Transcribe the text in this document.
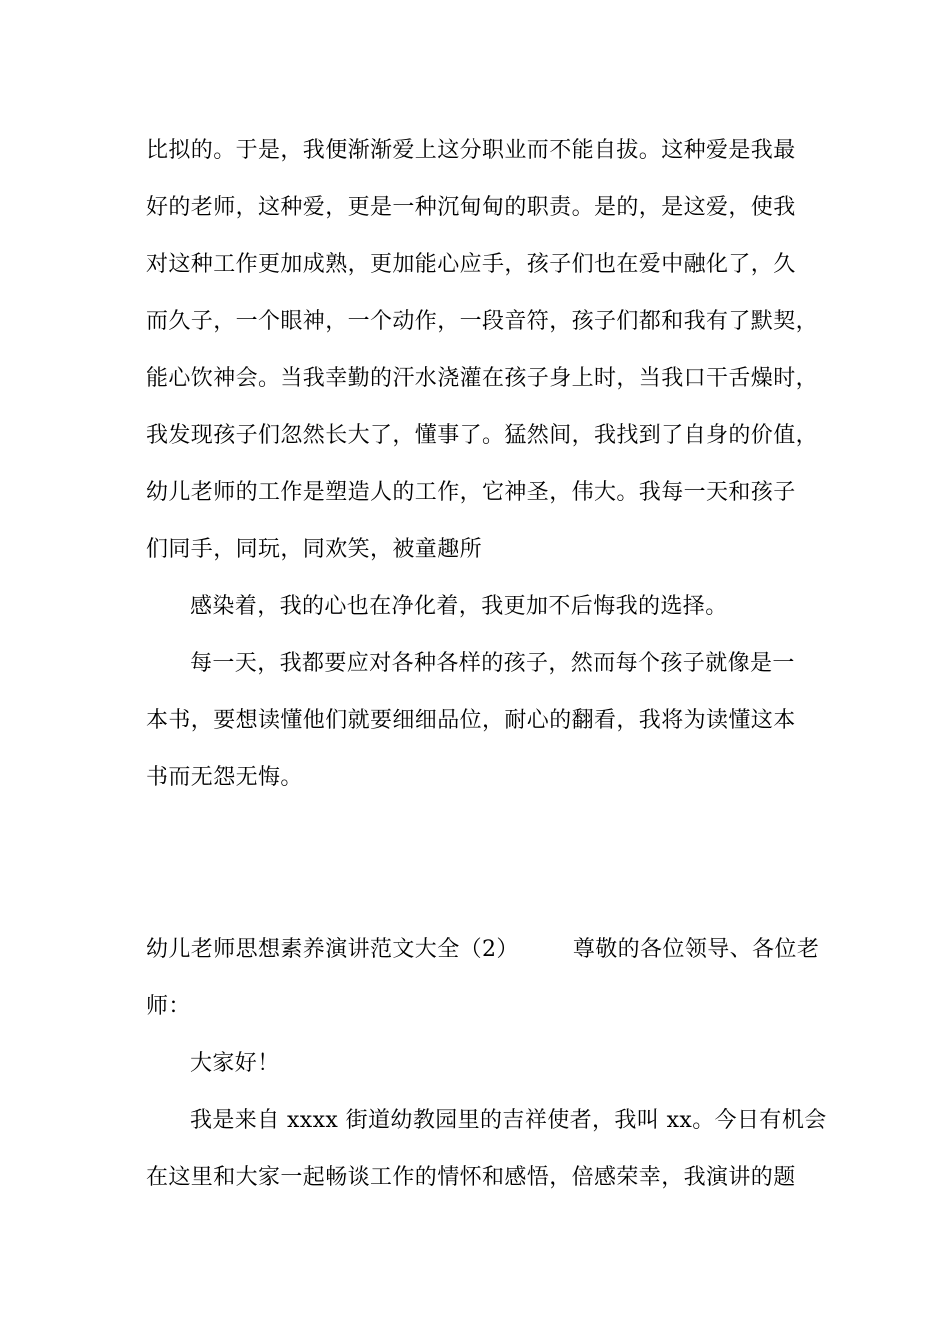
比拟的。于是，我便渐渐爱上这分职业而不能自拔。这种爱是我最
好的老师，这种爱，更是一种沉甸甸的职责。是的，是这爱，使我
对这种工作更加成熟，更加能心应手，孩子们也在爱中融化了，久
而久子，一个眼神，一个动作，一段音符，孩子们都和我有了默契，
能心饮神会。当我幸勤的汗水浇灌在孩子身上时，当我口干舌燥时，
我发现孩子们忽然长大了，懂事了。猛然间，我找到了自身的价值，
幼儿老师的工作是塑造人的工作，它神圣，伟大。我每一天和孩子
们同手，同玩，同欢笑，被童趣所
感染着，我的心也在净化着，我更加不后悔我的选择。
每一天，我都要应对各种各样的孩子，然而每个孩子就像是一
本书，要想读懂他们就要细细品位，耐心的翻看，我将为读懂这本
书而无怨无悔。
幼儿老师思想素养演讲范文大全（2） 尊敬的各位领导、各位老
师：
大家好！
我是来自 xxxx 街道幼教园里的吉祥使者，我叫 xx。今日有机会
在这里和大家一起畅谈工作的情怀和感悟，倍感荣幸，我演讲的题
